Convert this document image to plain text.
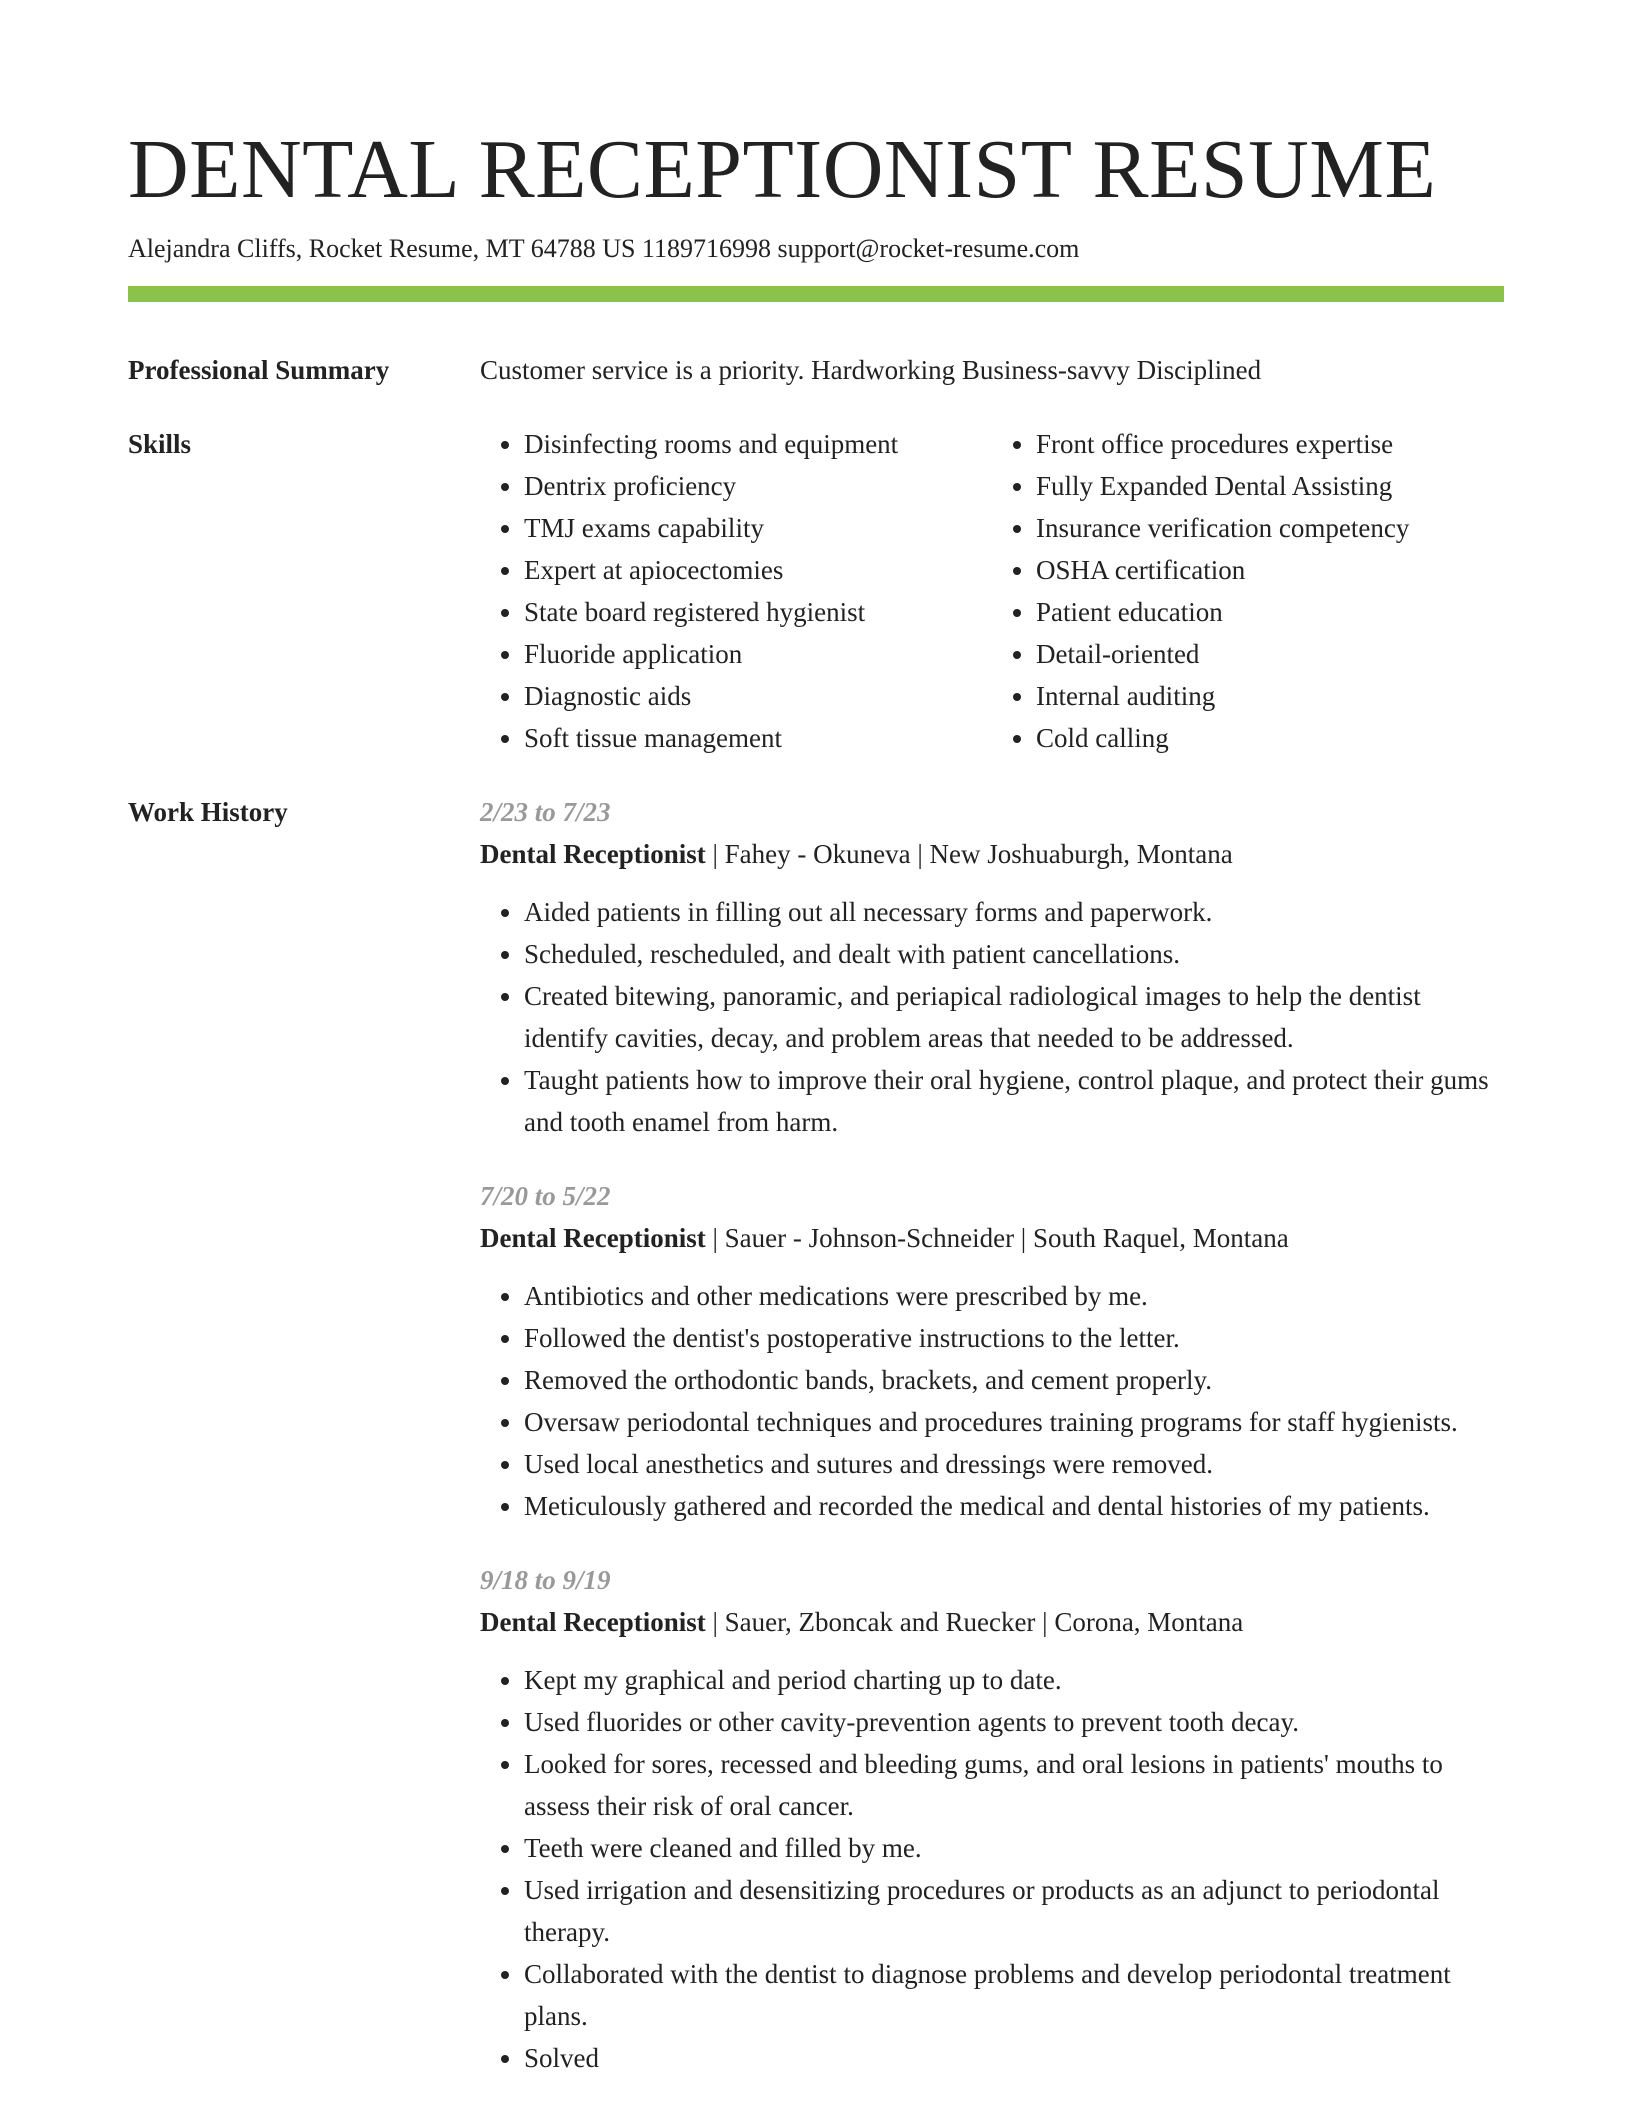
DENTAL RECEPTIONIST RESUME
Alejandra Cliffs, Rocket Resume, MT 64788 US 1189716998 support@rocket-resume.com
Professional Summary	Customer service is a priority. Hardworking Business-savvy Disciplined
Skills
•	Disinfecting rooms and equipment
• Dentrix proficiency
• TMJ exams capability
• Expert at apiocectomies
• State board registered hygienist
• Fluoride application
• Diagnostic aids
• Soft tissue management
• Front office procedures expertise
• Fully Expanded Dental Assisting
• Insurance verification competency
• OSHA certification
• Patient education
• Detail-oriented
• Internal auditing
• Cold calling
Work History	2/23 to 7/23
Dental Receptionist | Fahey - Okuneva | New Joshuaburgh, Montana
• Aided patients in filling out all necessary forms and paperwork.
• Scheduled, rescheduled, and dealt with patient cancellations.
• Created bitewing, panoramic, and periapical radiological images to help the dentist identify cavities, decay, and problem areas that needed to be addressed.
• Taught patients how to improve their oral hygiene, control plaque, and protect their gums and tooth enamel from harm.
7/20 to 5/22
Dental Receptionist | Sauer - Johnson-Schneider | South Raquel, Montana
• Antibiotics and other medications were prescribed by me.
• Followed the dentist's postoperative instructions to the letter.
• Removed the orthodontic bands, brackets, and cement properly.
• Oversaw periodontal techniques and procedures training programs for staff hygienists.
• Used local anesthetics and sutures and dressings were removed.
• Meticulously gathered and recorded the medical and dental histories of my patients.
9/18 to 9/19
Dental Receptionist | Sauer, Zboncak and Ruecker | Corona, Montana
• Kept my graphical and period charting up to date.
• Used fluorides or other cavity-prevention agents to prevent tooth decay.
• Looked for sores, recessed and bleeding gums, and oral lesions in patients' mouths to assess their risk of oral cancer.
• Teeth were cleaned and filled by me.
• Used irrigation and desensitizing procedures or products as an adjunct to periodontal therapy.
• Collaborated with the dentist to diagnose problems and develop periodontal treatment plans.
• Solved
